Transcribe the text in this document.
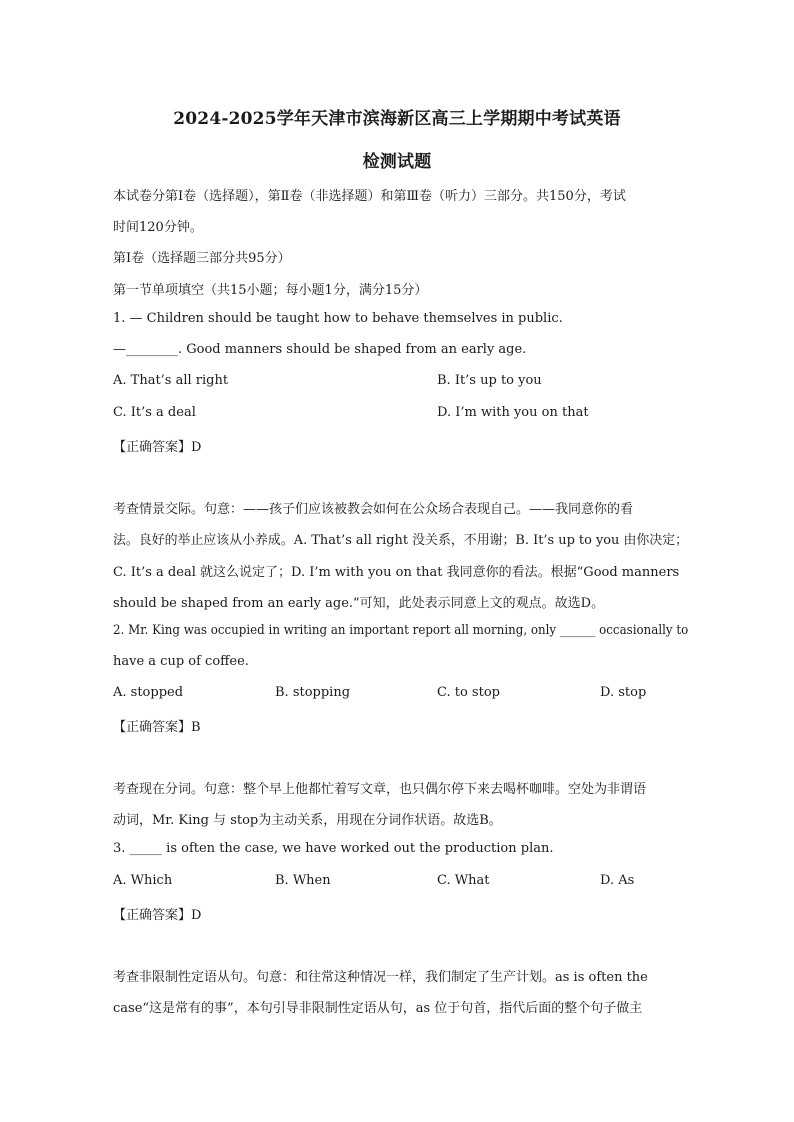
2024-2025学年天津市滨海新区高三上学期期中考试英语
检测试题
本试卷分第Ⅰ卷（选择题），第Ⅱ卷（非选择题）和第Ⅲ卷（听力）三部分。共150分，考试
时间120分钟。
第Ⅰ卷（选择题三部分共95分）
第一节单项填空（共15小题；每小题1分，满分15分）
1. — Children should be taught how to behave themselves in public.
—________. Good manners should be shaped from an early age.
A. That’s all right	B. It’s up to you
C. It’s a deal	D. I’m with you on that
【正确答案】D
考查情景交际。句意：——孩子们应该被教会如何在公众场合表现自己。——我同意你的看
法。良好的举止应该从小养成。A. That’s all right 没关系，不用谢；B. It’s up to you 由你决定；
C. It’s a deal 就这么说定了；D. I’m with you on that 我同意你的看法。根据“Good manners
should be shaped from an early age.”可知，此处表示同意上文的观点。故选D。
2. Mr. King was occupied in writing an important report all morning, only ______ occasionally to
have a cup of coffee.
A. stopped	B. stopping	C. to stop	D. stop
【正确答案】B
考查现在分词。句意：整个早上他都忙着写文章，也只偶尔停下来去喝杯咖啡。空处为非谓语
动词，Mr. King 与 stop为主动关系，用现在分词作状语。故选B。
3. _____ is often the case, we have worked out the production plan.
A. Which	B. When	C. What	D. As
【正确答案】D
考查非限制性定语从句。句意：和往常这种情况一样，我们制定了生产计划。as is often the
case“这是常有的事”，本句引导非限制性定语从句，as 位于句首，指代后面的整个句子做主
